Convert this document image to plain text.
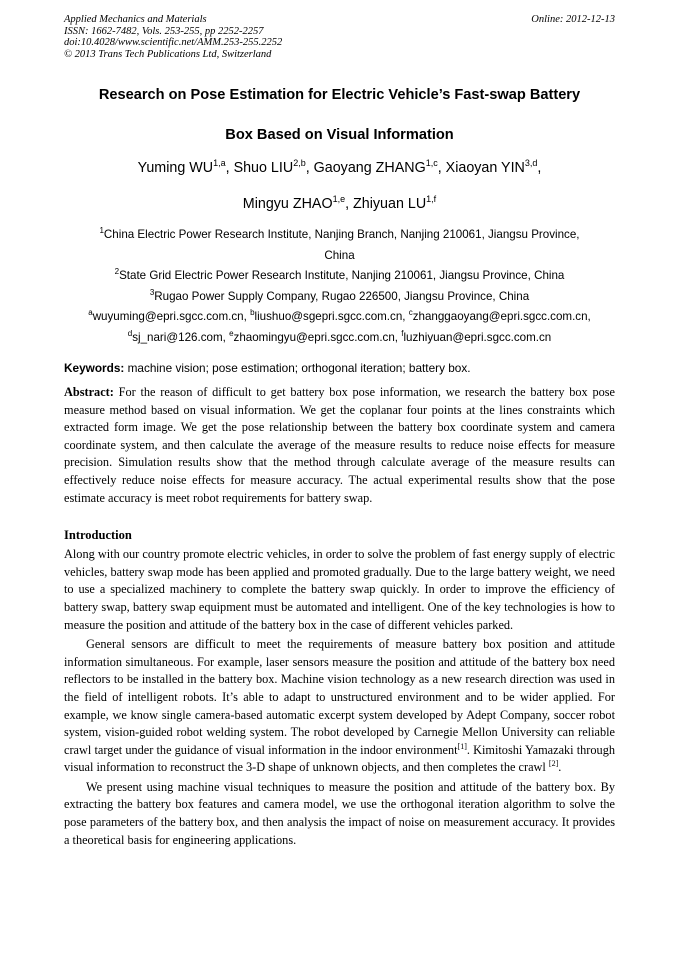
Applied Mechanics and Materials
ISSN: 1662-7482, Vols. 253-255, pp 2252-2257
doi:10.4028/www.scientific.net/AMM.253-255.2252
© 2013 Trans Tech Publications Ltd, Switzerland
Online: 2012-12-13
Research on Pose Estimation for Electric Vehicle’s Fast-swap Battery
Box Based on Visual Information
Yuming WU$^{1,a}$, Shuo LIU$^{2,b}$, Gaoyang ZHANG$^{1,c}$, Xiaoyan YIN$^{3,d}$,
Mingyu ZHAO$^{1,e}$, Zhiyuan LU$^{1,f}$
$^1$China Electric Power Research Institute, Nanjing Branch, Nanjing 210061, Jiangsu Province,
China
$^2$State Grid Electric Power Research Institute, Nanjing 210061, Jiangsu Province, China
$^3$Rugao Power Supply Company, Rugao 226500, Jiangsu Province, China
$^a$wuyuming@epri.sgcc.com.cn, $^b$liushuo@sgepri.sgcc.com.cn, $^c$zhanggaoyang@epri.sgcc.com.cn,
$^d$sj_nari@126.com, $^e$zhaomingyu@epri.sgcc.com.cn, $^f$luzhiyuan@epri.sgcc.com.cn
Keywords: machine vision; pose estimation; orthogonal iteration; battery box.
Abstract: For the reason of difficult to get battery box pose information, we research the battery box pose measure method based on visual information. We get the coplanar four points at the lines constraints which extracted form image. We get the pose relationship between the battery box coordinate system and camera coordinate system, and then calculate the average of the measure results to reduce noise effects for measure precision. Simulation results show that the method through calculate average of the measure results can effectively reduce noise effects for measure accuracy. The actual experimental results show that the pose estimate accuracy is meet robot requirements for battery swap.
Introduction

Along with our country promote electric vehicles, in order to solve the problem of fast energy supply of electric vehicles, battery swap mode has been applied and promoted gradually. Due to the large battery weight, we need to use a specialized machinery to complete the battery swap quickly. In order to improve the efficiency of battery swap, battery swap equipment must be automated and intelligent. One of the key technologies is how to measure the position and attitude of the battery box in the case of different vehicles parked.

General sensors are difficult to meet the requirements of measure battery box position and attitude information simultaneous. For example, laser sensors measure the position and attitude of the battery box need reflectors to be installed in the battery box. Machine vision technology as a new research direction was used in the field of intelligent robots. It’s able to adapt to unstructured environment and to be wider applied. For example, we know single camera-based automatic excerpt system developed by Adept Company, soccer robot system, vision-guided robot welding system. The robot developed by Carnegie Mellon University can reliable crawl target under the guidance of visual information in the indoor environment[1]. Kimitoshi Yamazaki through visual information to reconstruct the 3-D shape of unknown objects, and then completes the crawl [2].

We present using machine visual techniques to measure the position and attitude of the battery box. By extracting the battery box features and camera model, we use the orthogonal iteration algorithm to solve the pose parameters of the battery box, and then analysis the impact of noise on measurement accuracy. It provides a theoretical basis for engineering applications.
